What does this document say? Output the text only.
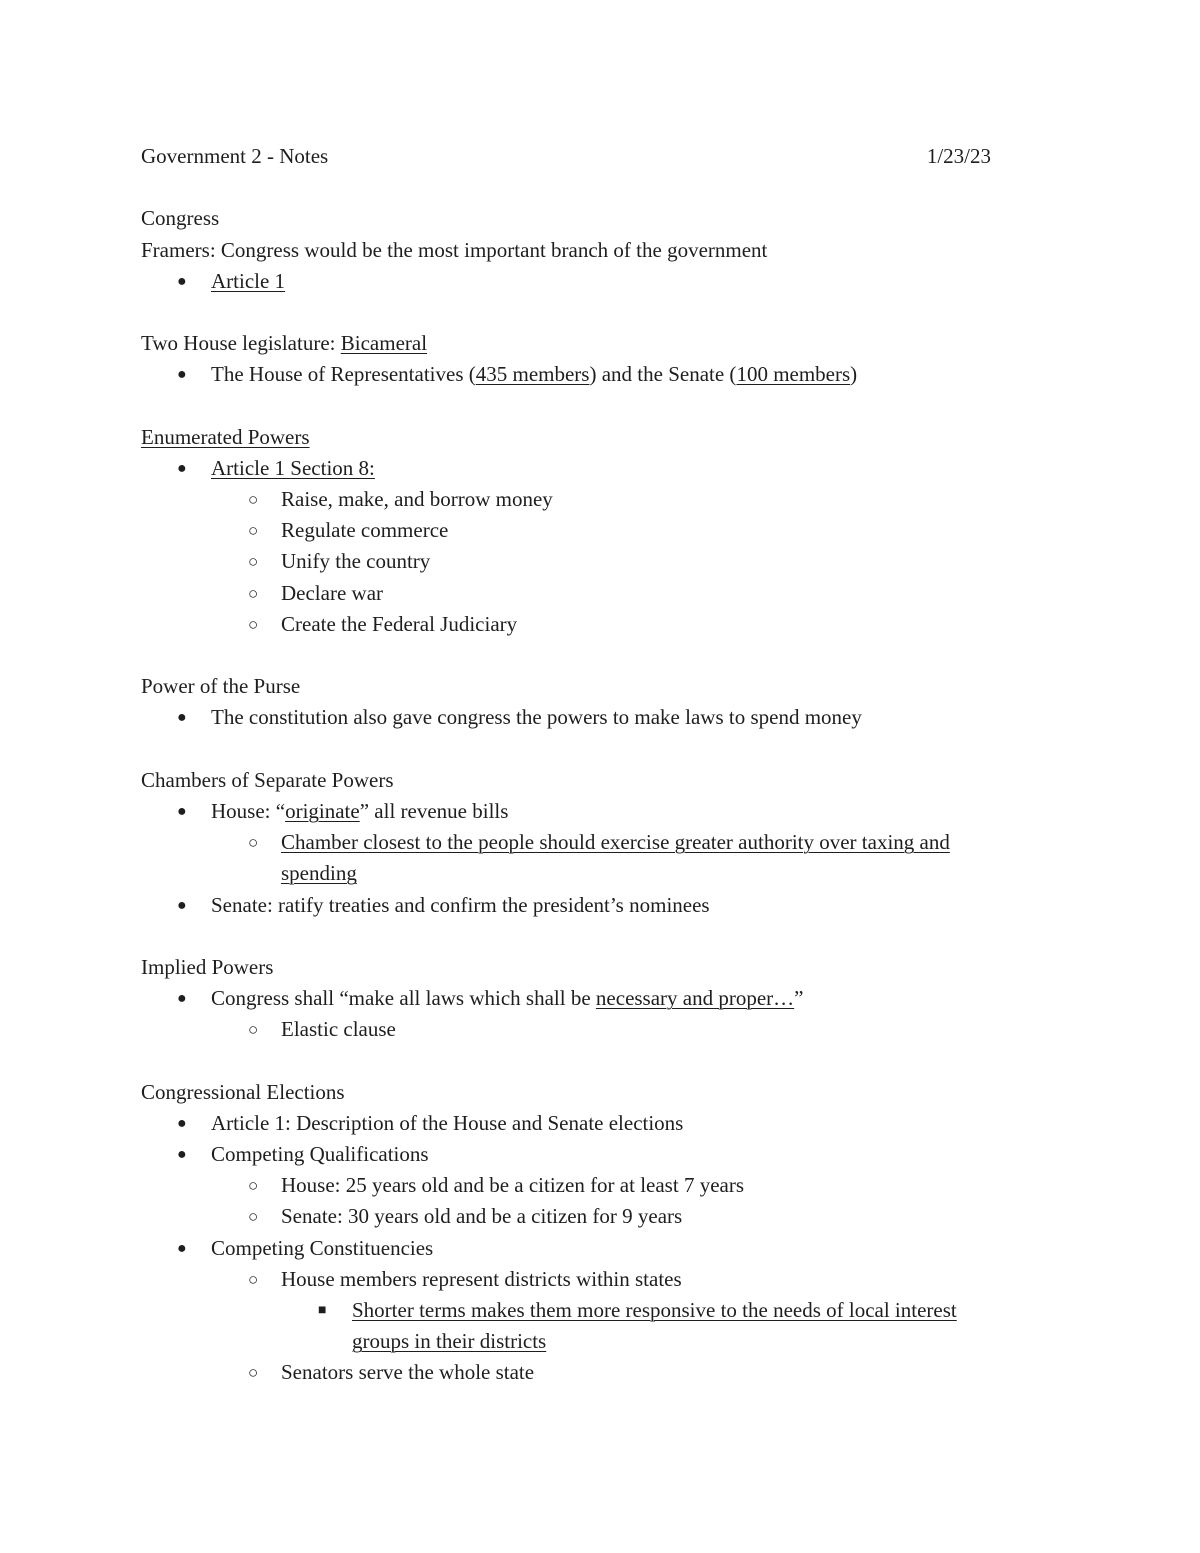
Government 2 - Notes	1/23/23
Congress
Framers: Congress would be the most important branch of the government
● Article 1
Two House legislature: Bicameral
● The House of Representatives (435 members) and the Senate (100 members)
Enumerated Powers
● Article 1 Section 8:
○ Raise, make, and borrow money
○ Regulate commerce
○ Unify the country
○ Declare war
○ Create the Federal Judiciary
Power of the Purse
● The constitution also gave congress the powers to make laws to spend money
Chambers of Separate Powers
● House: “originate” all revenue bills
○ Chamber closest to the people should exercise greater authority over taxing and
spending
● Senate: ratify treaties and confirm the president’s nominees
Implied Powers
● Congress shall “make all laws which shall be necessary and proper…”
○ Elastic clause
Congressional Elections
● Article 1: Description of the House and Senate elections
● Competing Qualifications
○ House: 25 years old and be a citizen for at least 7 years
○ Senate: 30 years old and be a citizen for 9 years
● Competing Constituencies
○ House members represent districts within states
■ Shorter terms makes them more responsive to the needs of local interest
groups in their districts
○ Senators serve the whole state
